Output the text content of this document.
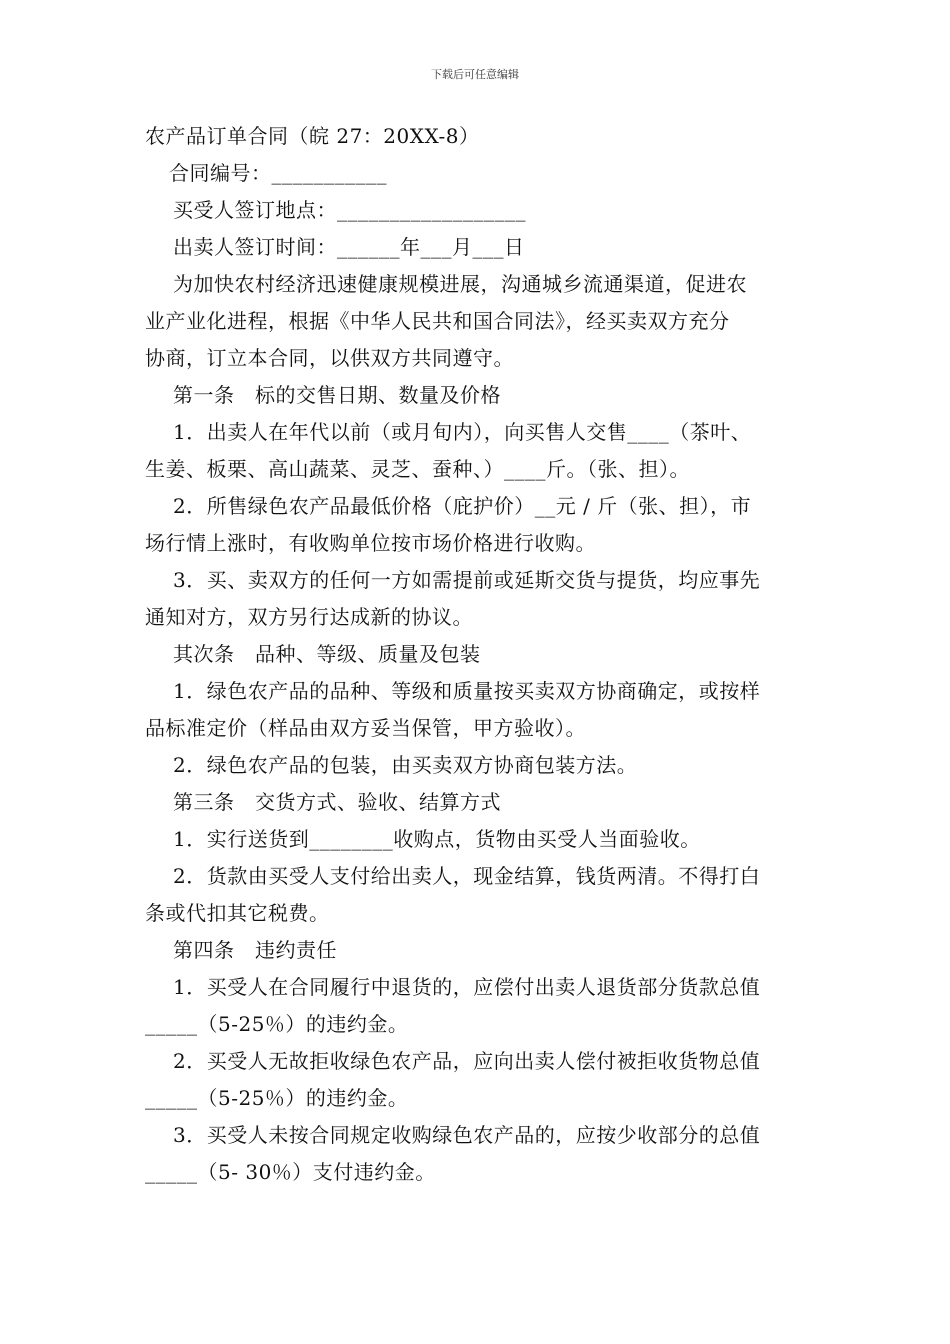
下载后可任意编辑
农产品订单合同（皖 27：20XX-8）
合同编号：___________
买受人签订地点：__________________
出卖人签订时间：______年___月___日
为加快农村经济迅速健康规模进展，沟通城乡流通渠道，促进农
业产业化进程，根据《中华人民共和国合同法》，经买卖双方充分
协商，订立本合同，以供双方共同遵守。
第一条　标的交售日期、数量及价格
1．出卖人在年代以前（或月旬内），向买售人交售____（茶叶、
生姜、板栗、高山蔬菜、灵芝、蚕种、）____斤。（张、担）。
2．所售绿色农产品最低价格（庇护价）__元 / 斤（张、担），市
场行情上涨时，有收购单位按市场价格进行收购。
3．买、卖双方的任何一方如需提前或延斯交货与提货，均应事先
通知对方，双方另行达成新的协议。
其次条　品种、等级、质量及包装
1．绿色农产品的品种、等级和质量按买卖双方协商确定，或按样
品标准定价（样品由双方妥当保管，甲方验收）。
2．绿色农产品的包装，由买卖双方协商包装方法。
第三条　交货方式、验收、结算方式
1．实行送货到________收购点，货物由买受人当面验收。
2．货款由买受人支付给出卖人，现金结算，钱货两清。不得打白
条或代扣其它税费。
第四条　违约责任
1．买受人在合同履行中退货的，应偿付出卖人退货部分货款总值
_____（5-25％）的违约金。
2．买受人无故拒收绿色农产品，应向出卖人偿付被拒收货物总值
_____（5-25％）的违约金。
3．买受人未按合同规定收购绿色农产品的，应按少收部分的总值
_____（5- 30％）支付违约金。
